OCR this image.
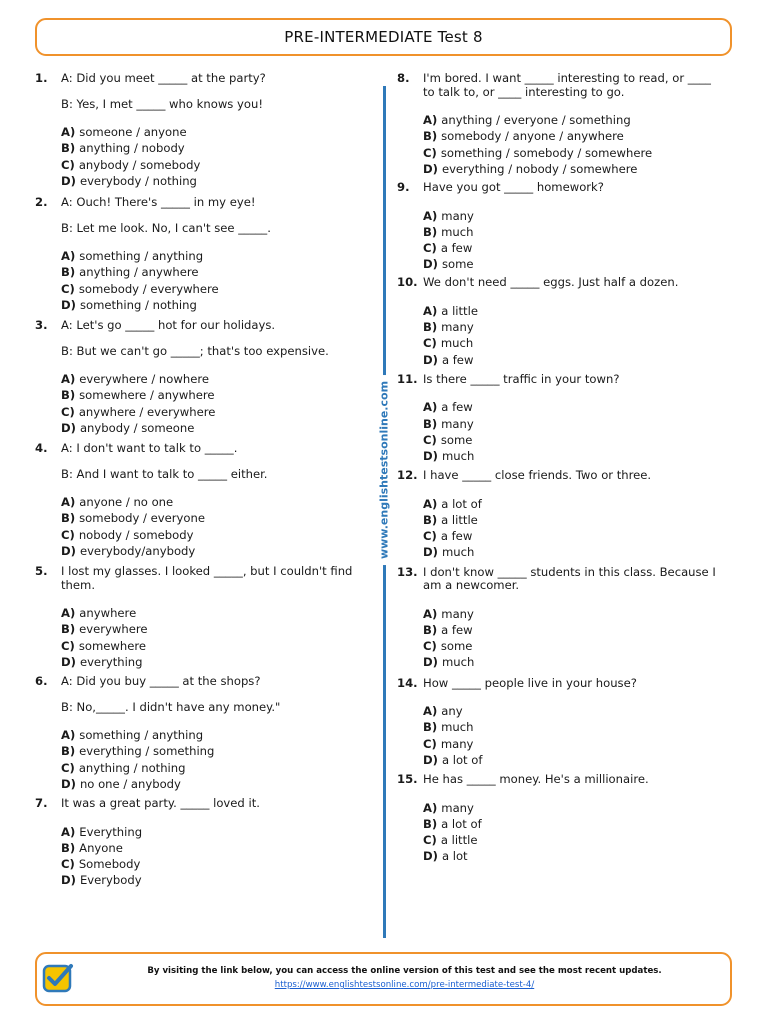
PRE-INTERMEDIATE Test 8
1. A: Did you meet _____ at the party?

B: Yes, I met _____ who knows you!

A) someone / anyone
B) anything / nobody
C) anybody / somebody
D) everybody / nothing
2. A: Ouch! There's _____ in my eye!

B: Let me look. No, I can't see _____.

A) something / anything
B) anything / anywhere
C) somebody / everywhere
D) something / nothing
3. A: Let's go _____ hot for our holidays.

B: But we can't go _____; that's too expensive.

A) everywhere / nowhere
B) somewhere / anywhere
C) anywhere / everywhere
D) anybody / someone
4. A: I don't want to talk to _____.

B: And I want to talk to _____ either.

A) anyone / no one
B) somebody / everyone
C) nobody / somebody
D) everybody/anybody
5. I lost my glasses. I looked _____, but I couldn't find them.

A) anywhere
B) everywhere
C) somewhere
D) everything
6. A: Did you buy _____ at the shops?

B: No,_____. I didn't have any money."

A) something / anything
B) everything / something
C) anything / nothing
D) no one / anybody
7. It was a great party. _____ loved it.

A) Everything
B) Anyone
C) Somebody
D) Everybody
8. I'm bored. I want _____ interesting to read, or ____ to talk to, or ____ interesting to go.

A) anything / everyone / something
B) somebody / anyone / anywhere
C) something / somebody / somewhere
D) everything / nobody / somewhere
9. Have you got _____ homework?

A) many
B) much
C) a few
D) some
10. We don't need _____ eggs. Just half a dozen.

A) a little
B) many
C) much
D) a few
11. Is there _____ traffic in your town?

A) a few
B) many
C) some
D) much
12. I have _____ close friends. Two or three.

A) a lot of
B) a little
C) a few
D) much
13. I don't know _____ students in this class. Because I am a newcomer.

A) many
B) a few
C) some
D) much
14. How _____ people live in your house?

A) any
B) much
C) many
D) a lot of
15. He has _____ money. He's a millionaire.

A) many
B) a lot of
C) a little
D) a lot
www.englishtestsonline.com
By visiting the link below, you can access the online version of this test and see the most recent updates.
https://www.englishtestsonline.com/pre-intermediate-test-4/
